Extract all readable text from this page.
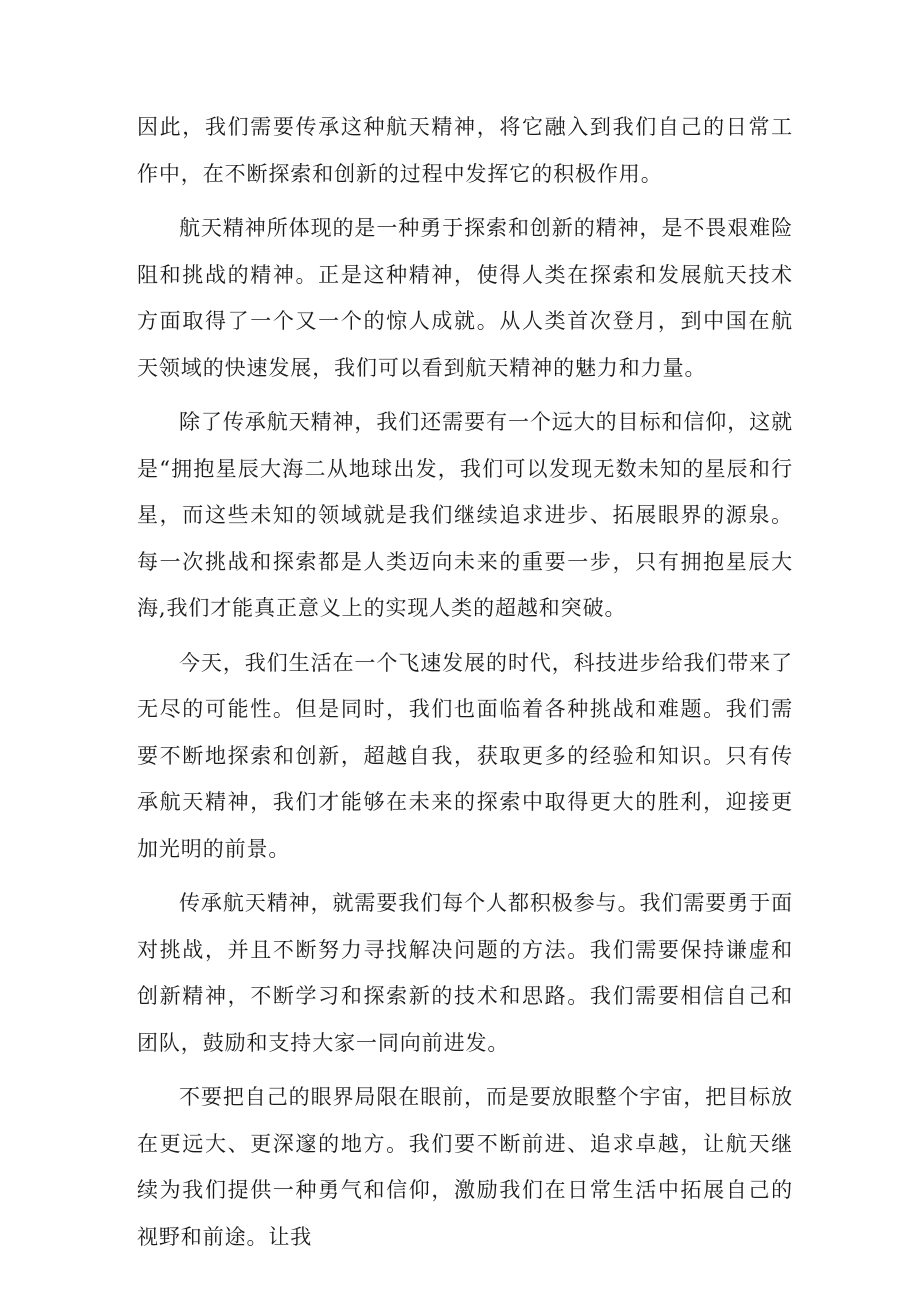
因此，我们需要传承这种航天精神，将它融入到我们自己的日常工作中，在不断探索和创新的过程中发挥它的积极作用。

航天精神所体现的是一种勇于探索和创新的精神，是不畏艰难险阻和挑战的精神。正是这种精神，使得人类在探索和发展航天技术方面取得了一个又一个的惊人成就。从人类首次登月，到中国在航天领域的快速发展，我们可以看到航天精神的魅力和力量。

除了传承航天精神，我们还需要有一个远大的目标和信仰，这就是“拥抱星辰大海二从地球出发，我们可以发现无数未知的星辰和行星，而这些未知的领域就是我们继续追求进步、拓展眼界的源泉。每一次挑战和探索都是人类迈向未来的重要一步，只有拥抱星辰大海,我们才能真正意义上的实现人类的超越和突破。

今天，我们生活在一个飞速发展的时代，科技进步给我们带来了无尽的可能性。但是同时，我们也面临着各种挑战和难题。我们需要不断地探索和创新，超越自我，获取更多的经验和知识。只有传承航天精神，我们才能够在未来的探索中取得更大的胜利，迎接更加光明的前景。

传承航天精神，就需要我们每个人都积极参与。我们需要勇于面对挑战，并且不断努力寻找解决问题的方法。我们需要保持谦虚和创新精神，不断学习和探索新的技术和思路。我们需要相信自己和团队，鼓励和支持大家一同向前进发。

不要把自己的眼界局限在眼前，而是要放眼整个宇宙，把目标放在更远大、更深邃的地方。我们要不断前进、追求卓越，让航天继续为我们提供一种勇气和信仰，激励我们在日常生活中拓展自己的视野和前途。让我
